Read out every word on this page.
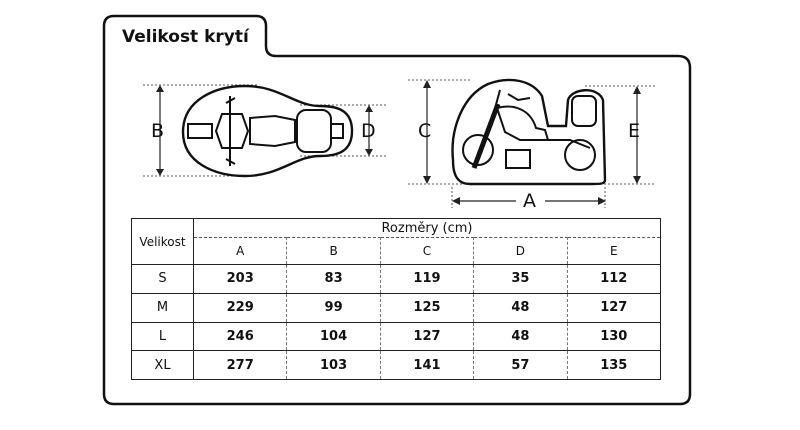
Velikost krytí
B	D C	E
A
Velikost	Rozměry (cm)				
	A	B	C	D	E
S	203	83	119	35	112
M	229	99	125	48	127
L	246	104	127	48	130
XL	277	103	141	57	135
